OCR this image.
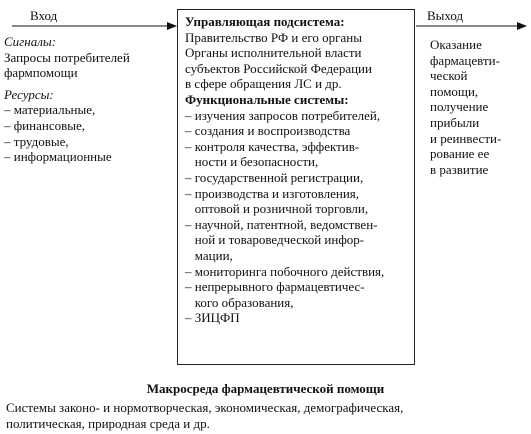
Вход
Сигналы:
Запросы потребителей
фармпомощи
Ресурсы:
– материальные,
– финансовые,
– трудовые,
– информационные
Управляющая подсистема:
Правительство РФ и его органы
Органы исполнительной власти
субъектов Российской Федерации
в сфере обращения ЛС и др.
Функциональные системы:
– изучения запросов потребителей,
– создания и воспроизводства
– контроля качества, эффектив-
ности и безопасности,
– государственной регистрации,
– производства и изготовления,
оптовой и розничной торговли,
– научной, патентной, ведомствен-
ной и товароведческой инфор-
мации,
– мониторинга побочного действия,
– непрерывного фармацевтичес-
кого образования,
– ЗИЦФП
Выход
Оказание
фармацевти-
ческой
помощи,
получение
прибыли
и реинвести-
рование ее
в развитие
Макросреда фармацевтической помощи
Системы законо- и нормотворческая, экономическая, демографическая,
политическая, природная среда и др.
